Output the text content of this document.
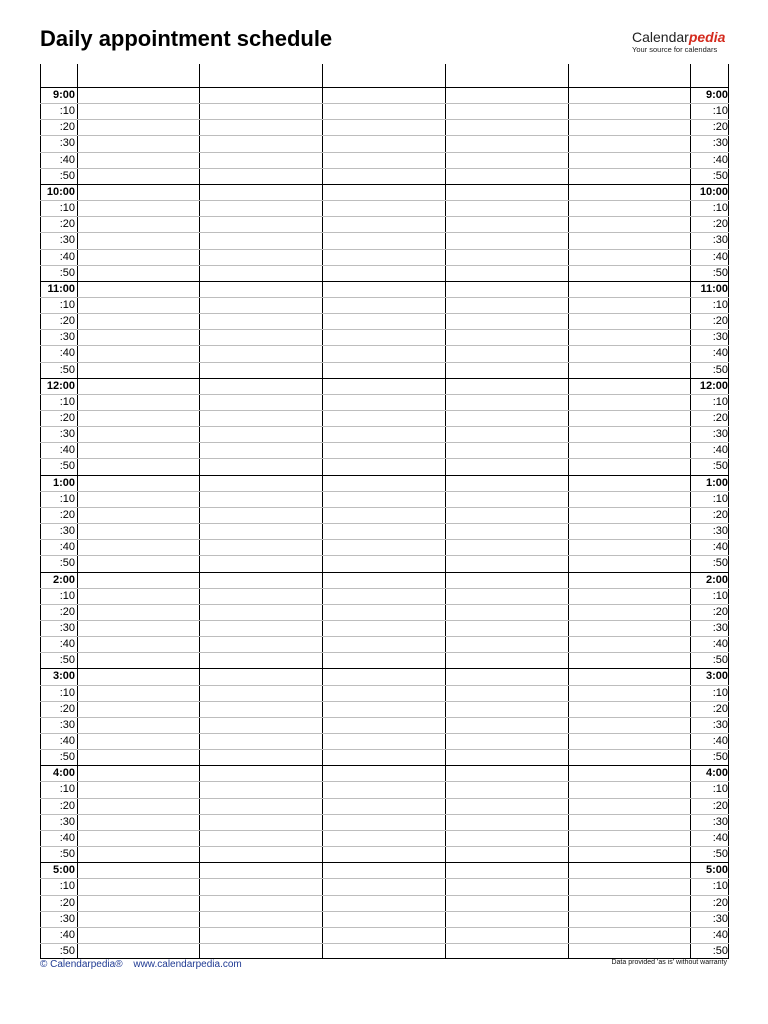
Daily appointment schedule	Calendarpedia
Your source for calendars
9:00	9:00
:10	:10
:20	:20
:30	:30
:40	:40
:50	:50
10:00	10:00
:10	:10
:20	:20
:30	:30
:40	:40
:50	:50
11:00	11:00
:10	:10
:20	:20
:30	:30
:40	:40
:50	:50
12:00	12:00
:10	:10
:20	:20
:30	:30
:40	:40
:50	:50
1:00	1:00
:10	:10
:20	:20
:30	:30
:40	:40
:50	:50
2:00	2:00
:10	:10
:20	:20
:30	:30
:40	:40
:50	:50
3:00	3:00
:10	:10
:20	:20
:30	:30
:40	:40
:50	:50
4:00	4:00
:10	:10
:20	:20
:30	:30
:40	:40
:50	:50
5:00	5:00
:10	:10
:20	:20
:30	:30
:40	:40
:50	:50
© Calendarpedia® www.calendarpedia.com	Data provided 'as is' without warranty
